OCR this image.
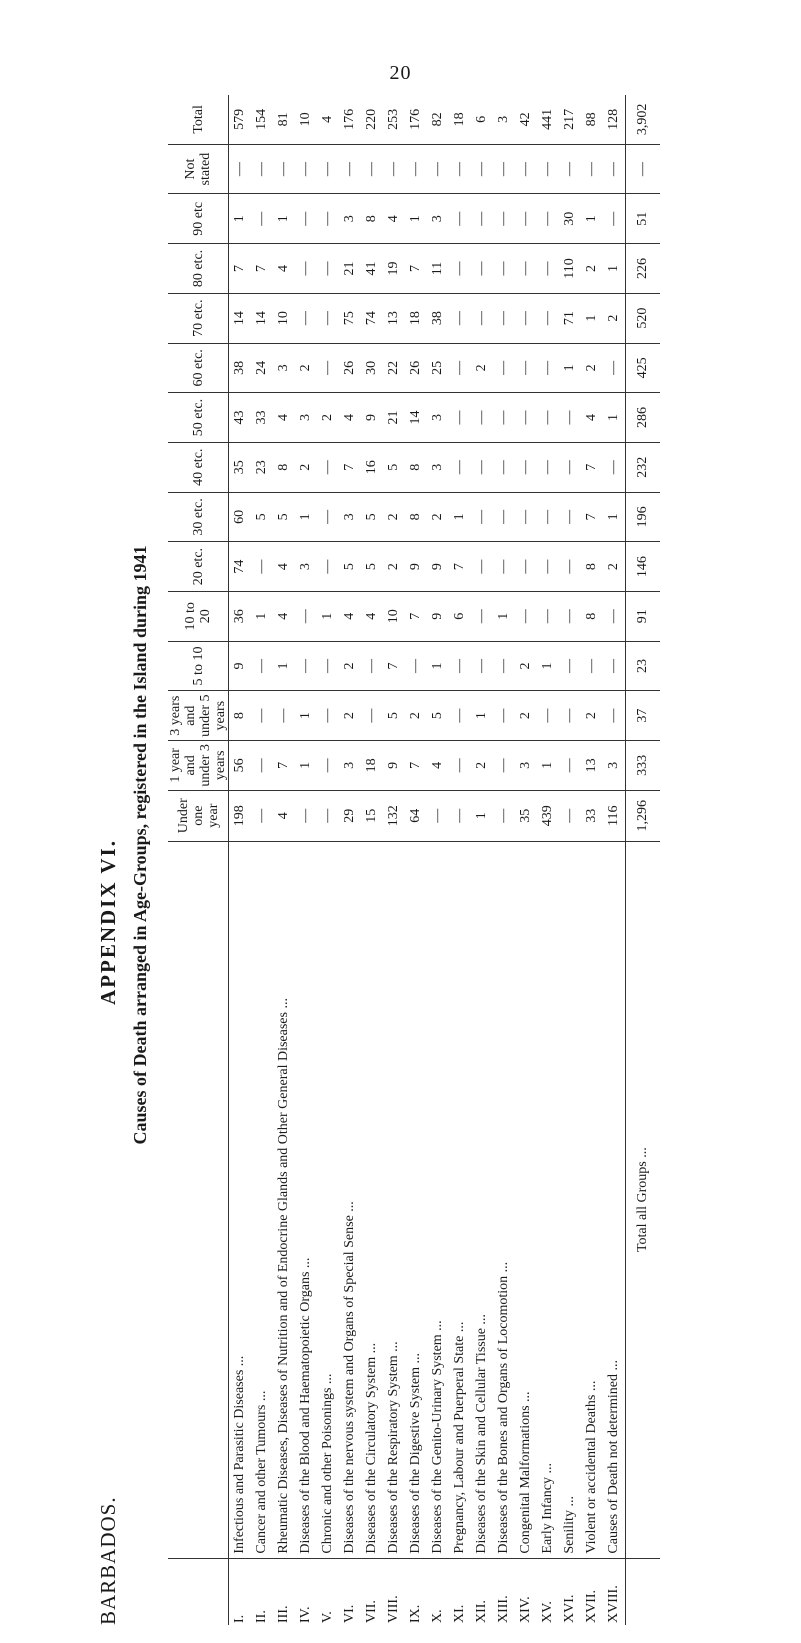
20
BARBADOS.
APPENDIX VI. Causes of Death arranged in Age-Groups, registered in the Island during 1941
		Under one year	1 year and under 3 years	3 years and under 5 years	5 to 10	10 to 20	20 etc.	30 etc.	40 etc.	50 etc.	60 etc.	70 etc.	80 etc.	90 etc	Not stated	Total
I.	Infectious and Parasitic Diseases ...	198	56	8	9	36	74	60	35	43	38	14	7	1	—	579
II.	Cancer and other Tumours ...	—	—	—	—	1	—	5	23	33	24	14	7	—	—	154
III.	Rheumatic Diseases, Diseases of Nutrition and of Endocrine Glands and Other General Diseases ...	4	7	—	1	4	4	5	8	4	3	10	4	1	—	81
IV.	Diseases of the Blood and Haematopoietic Organs ...	—	1	1	—	—	3	1	2	3	2	—	—	—	—	10
V.	Chronic and other Poisonings ...	—	—	—	—	1	—	—	—	2	—	—	—	—	—	4
VI.	Diseases of the nervous system and Organs of Special Sense ...	29	3	2	2	4	5	3	7	4	26	75	21	3	—	176
VII.	Diseases of the Circulatory System ...	15	18	—	—	4	5	5	16	9	30	74	41	8	—	220
VIII.	Diseases of the Respiratory System ...	132	9	5	7	10	2	2	5	21	22	13	19	4	—	253
IX.	Diseases of the Digestive System ...	64	7	2	—	7	9	8	8	14	26	18	7	1	—	176
X.	Diseases of the Genito-Urinary System ...	—	4	5	1	9	9	2	3	3	25	38	11	3	—	82
XI.	Pregnancy, Labour and Puerperal State ...	—	—	—	—	6	7	1	—	—	—	—	—	—	—	18
XII.	Diseases of the Skin and Cellular Tissue ...	1	2	1	—	—	—	—	—	—	2	—	—	—	—	6
XIII.	Diseases of the Bones and Organs of Locomotion ...	—	—	—	—	1	—	—	—	—	—	—	—	—	—	3
XIV.	Congenital Malformations ...	35	3	2	2	—	—	—	—	—	—	—	—	—	—	42
XV.	Early Infancy ...	439	1	—	1	—	—	—	—	—	—	—	—	—	—	441
XVI.	Senility ...	—	—	—	—	—	—	—	—	—	1	71	110	30	—	217
XVII.	Violent or accidental Deaths ...	33	13	2	—	8	8	7	7	4	2	1	2	1	—	88
XVIII.	Causes of Death not determined ...	116	3	—	—	—	2	1	—	1	—	2	1	—	—	128
	Total all Groups ...	1,296	333	37	23	91	146	196	232	286	425	520	226	51	—	3,902
